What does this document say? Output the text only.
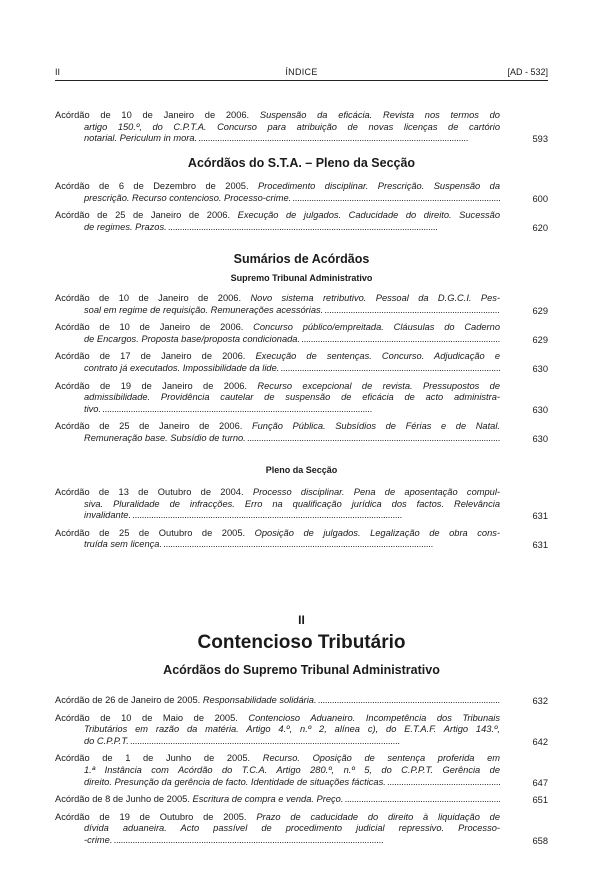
II	ÍNDICE	[AD - 532]
Acórdão de 10 de Janeiro de 2006. Suspensão da eficácia. Revista nos termos do
artigo 150.º, do C.P.T.A. Concurso para atribuição de novas licenças de cartório
notarial. Periculum in mora. . . .	593
Acórdãos do S.T.A. – Pleno da Secção
Acórdão de 6 de Dezembro de 2005. Procedimento disciplinar. Prescrição. Suspensão da
prescrição. Recurso contencioso. Processo-crime. . . .	600
Acórdão de 25 de Janeiro de 2006. Execução de julgados. Caducidade do direito. Sucessão
de regimes. Prazos. . . .	620
Sumários de Acórdãos
Supremo Tribunal Administrativo
Acórdão de 10 de Janeiro de 2006. Novo sistema retributivo. Pessoal da D.G.C.I. Pes-
soal em regime de requisição. Remunerações acessórias. . . .	629
Acórdão de 10 de Janeiro de 2006. Concurso público/empreitada. Cláusulas do Caderno
de Encargos. Proposta base/proposta condicionada. . . .	629
Acórdão de 17 de Janeiro de 2006. Execução de sentenças. Concurso. Adjudicação e
contrato já executados. Impossibilidade da lide. . . .	630
Acórdão de 19 de Janeiro de 2006. Recurso excepcional de revista. Pressupostos de
admissibilidade. Providência cautelar de suspensão de eficácia de acto administra-
tivo. . . .	630
Acórdão de 25 de Janeiro de 2006. Função Pública. Subsídios de Férias e de Natal.
Remuneração base. Subsídio de turno. . . .	630
Pleno da Secção
Acórdão de 13 de Outubro de 2004. Processo disciplinar. Pena de aposentação compul-
siva. Pluralidade de infracções. Erro na qualificação jurídica dos factos. Relevância
invalidante. . . .	631
Acórdão de 25 de Outubro de 2005. Oposição de julgados. Legalização de obra cons-
truída sem licença. . . .	631
II
Contencioso Tributário
Acórdãos do Supremo Tribunal Administrativo
Acórdão de 26 de Janeiro de 2005. Responsabilidade solidária. . . .	632
Acórdão de 10 de Maio de 2005. Contencioso Aduaneiro. Incompetência dos Tribunais
Tributários em razão da matéria. Artigo 4.º, n.º 2, alínea c), do E.T.A.F. Artigo 143.º,
do C.P.P.T. . . .	642
Acórdão de 1 de Junho de 2005. Recurso. Oposição de sentença proferida em
1.ª Instância com Acórdão do T.C.A. Artigo 280.º, n.º 5, do C.P.P.T. Gerência de
direito. Presunção da gerência de facto. Identidade de situações fácticas. . . .	647
Acórdão de 8 de Junho de 2005. Escritura de compra e venda. Preço. . . .	651
Acórdão de 19 de Outubro de 2005. Prazo de caducidade do direito à liquidação de
dívida aduaneira. Acto passível de procedimento judicial repressivo. Processo-
-crime. . . .	658
